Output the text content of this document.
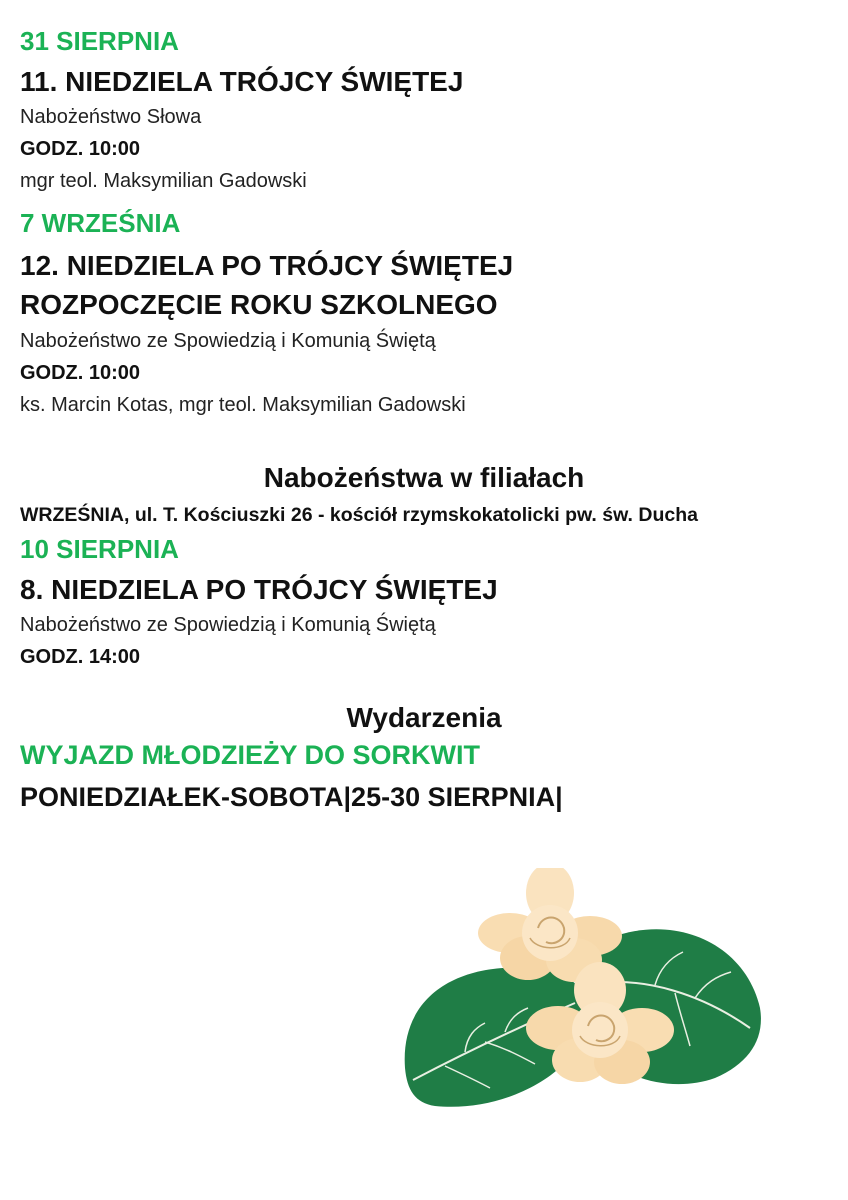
31 SIERPNIA
11. NIEDZIELA TRÓJCY ŚWIĘTEJ
Nabożeństwo Słowa
GODZ. 10:00
mgr teol. Maksymilian Gadowski
7 WRZEŚNIA
12. NIEDZIELA PO TRÓJCY ŚWIĘTEJ
ROZPOCZĘCIE ROKU SZKOLNEGO
Nabożeństwo ze Spowiedzią i Komunią Świętą
GODZ. 10:00
ks. Marcin Kotas, mgr teol. Maksymilian Gadowski
Nabożeństwa w filiałach
WRZEŚNIA, ul. T. Kościuszki 26 - kościół rzymskokatolicki pw. św. Ducha
10 SIERPNIA
8. NIEDZIELA PO TRÓJCY ŚWIĘTEJ
Nabożeństwo ze Spowiedzią i Komunią Świętą
GODZ. 14:00
Wydarzenia
WYJAZD MŁODZIEŻY DO SORKWIT
PONIEDZIAŁEK-SOBOTA|25-30 SIERPNIA|
